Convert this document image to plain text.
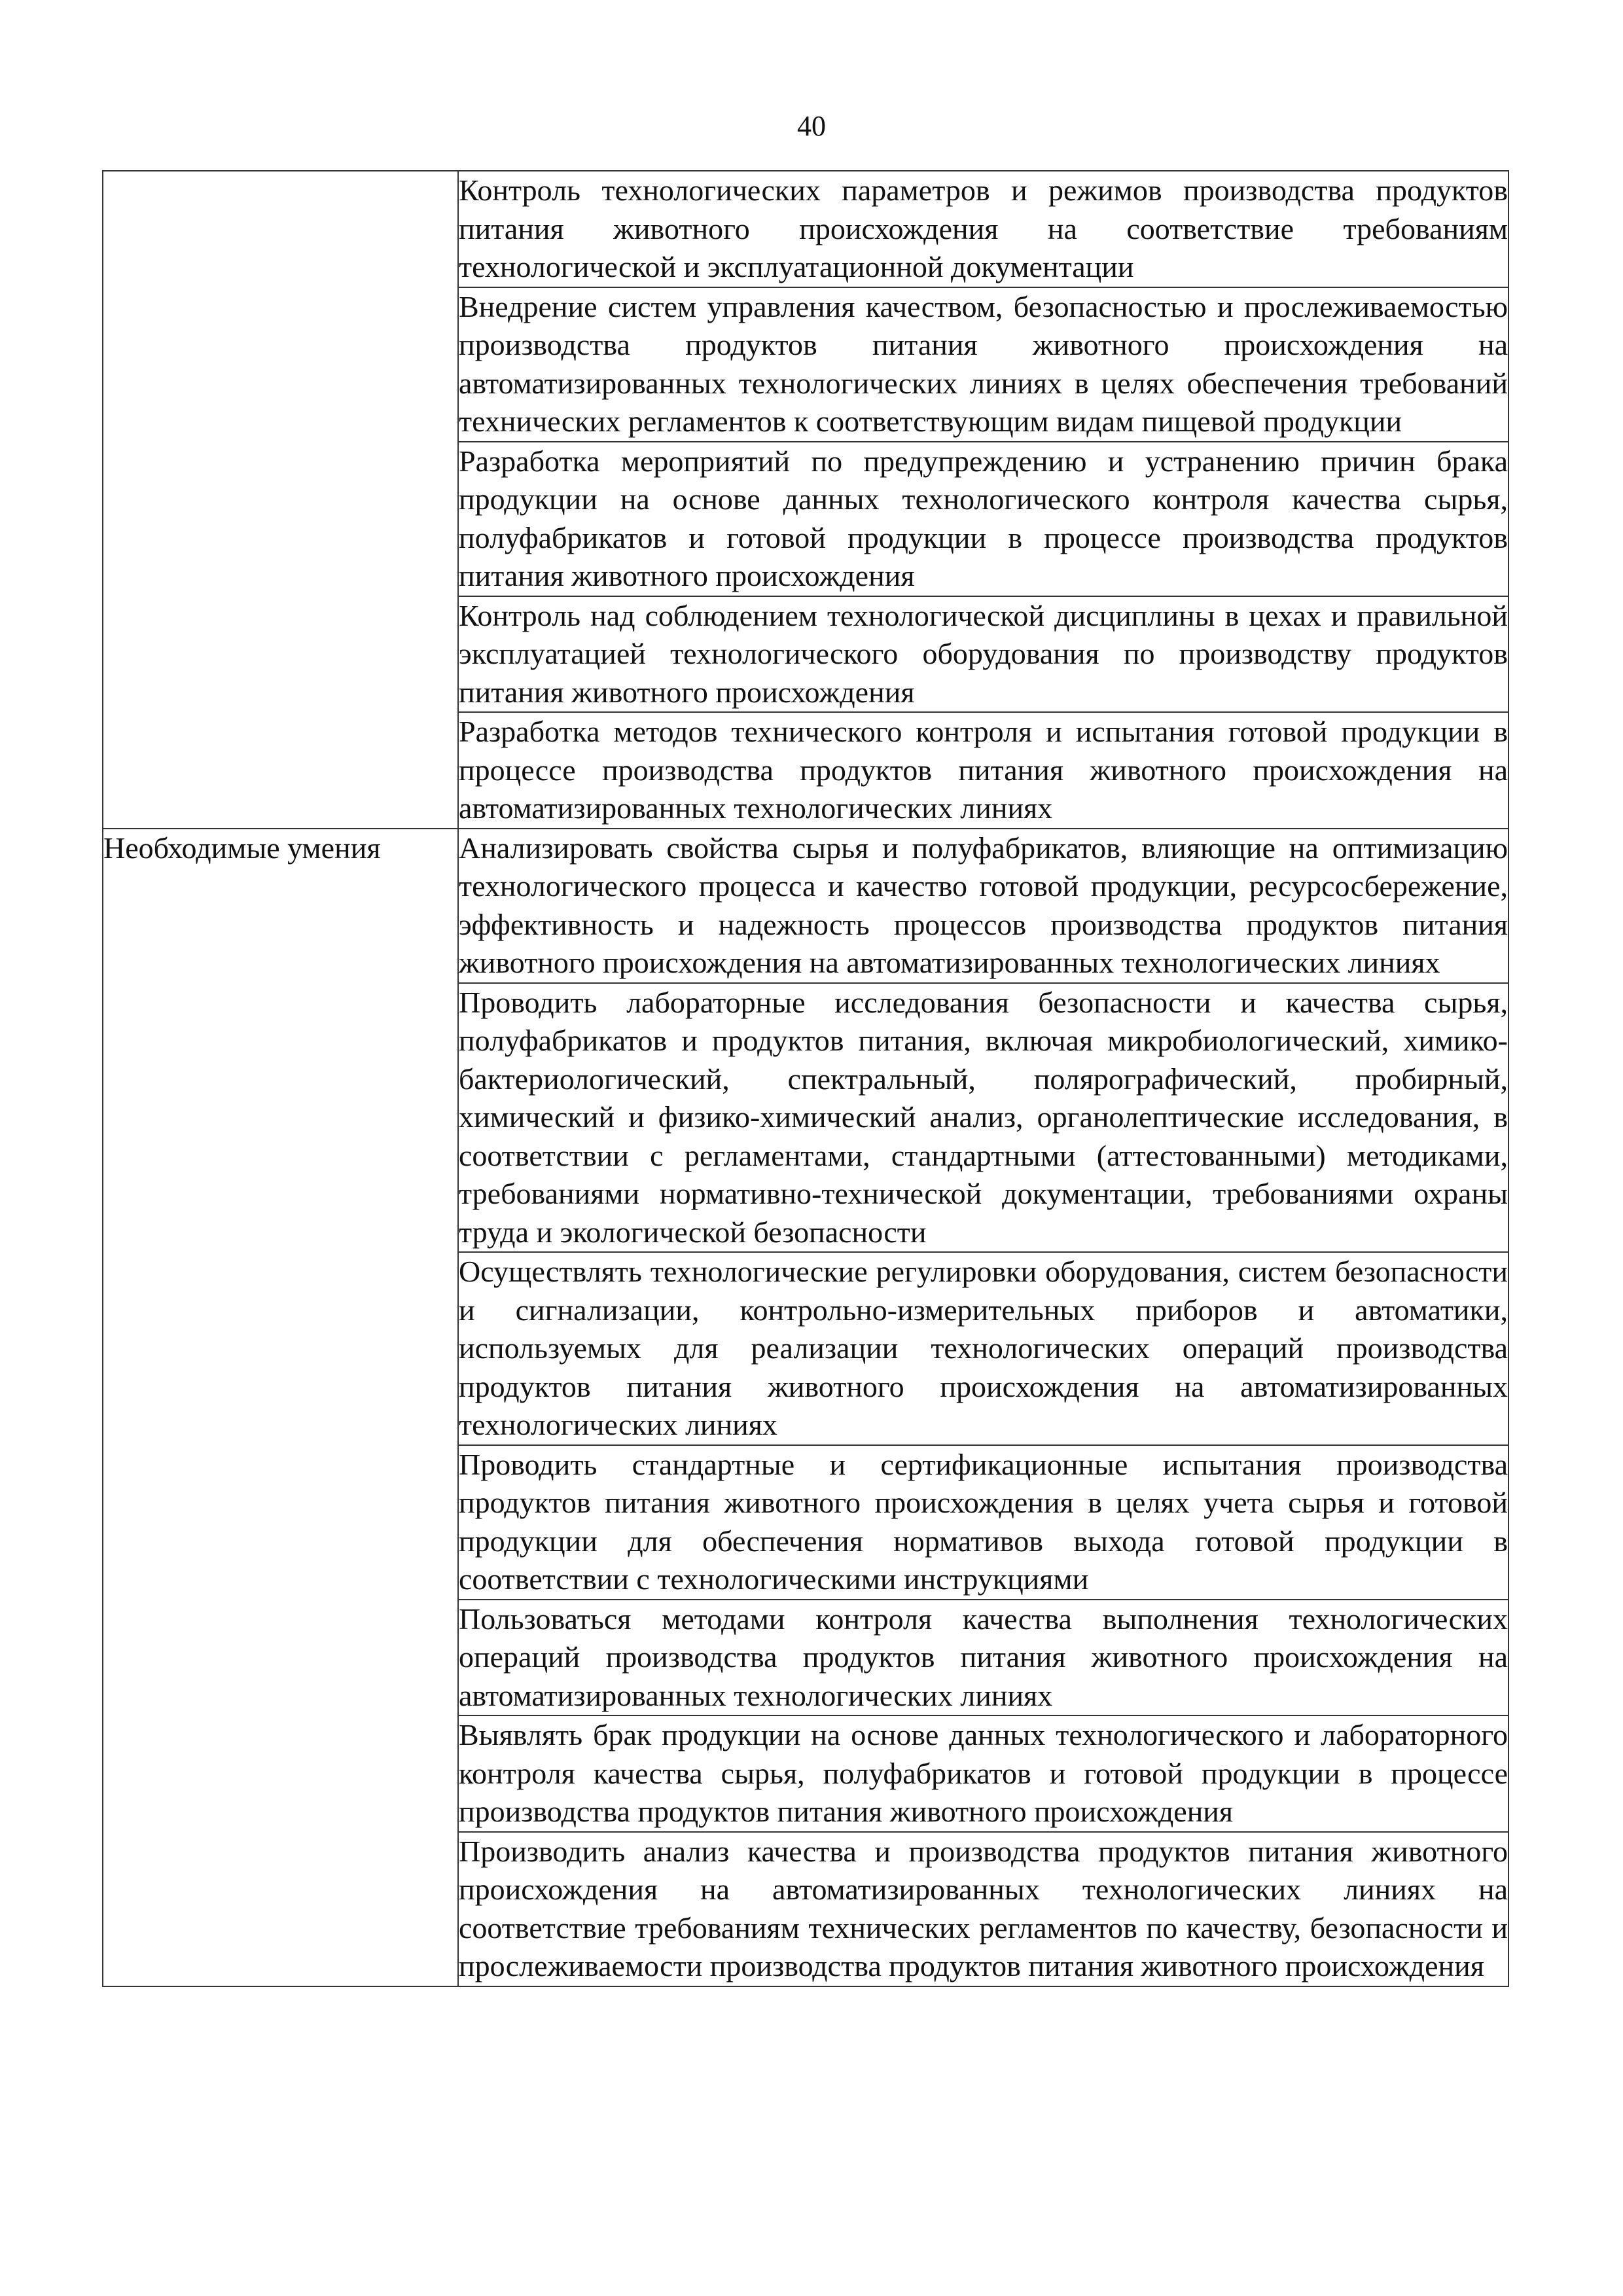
40
	Контроль технологических параметров и режимов производства продуктов питания животного происхождения на соответствие требованиям технологической и эксплуатационной документации
	Внедрение систем управления качеством, безопасностью и прослеживаемостью производства продуктов питания животного происхождения на автоматизированных технологических линиях в целях обеспечения требований технических регламентов к соответствующим видам пищевой продукции
	Разработка мероприятий по предупреждению и устранению причин брака продукции на основе данных технологического контроля качества сырья, полуфабрикатов и готовой продукции в процессе производства продуктов питания животного происхождения
	Контроль над соблюдением технологической дисциплины в цехах и правильной эксплуатацией технологического оборудования по производству продуктов питания животного происхождения
	Разработка методов технического контроля и испытания готовой продукции в процессе производства продуктов питания животного происхождения на автоматизированных технологических линиях
Необходимые умения	Анализировать свойства сырья и полуфабрикатов, влияющие на оптимизацию технологического процесса и качество готовой продукции, ресурсосбережение, эффективность и надежность процессов производства продуктов питания животного происхождения на автоматизированных технологических линиях
	Проводить лабораторные исследования безопасности и качества сырья, полуфабрикатов и продуктов питания, включая микробиологический, химико-бактериологический, спектральный, полярографический, пробирный, химический и физико-химический анализ, органолептические исследования, в соответствии с регламентами, стандартными (аттестованными) методиками, требованиями нормативно-технической документации, требованиями охраны труда и экологической безопасности
	Осуществлять технологические регулировки оборудования, систем безопасности и сигнализации, контрольно-измерительных приборов и автоматики, используемых для реализации технологических операций производства продуктов питания животного происхождения на автоматизированных технологических линиях
	Проводить стандартные и сертификационные испытания производства продуктов питания животного происхождения в целях учета сырья и готовой продукции для обеспечения нормативов выхода готовой продукции в соответствии с технологическими инструкциями
	Пользоваться методами контроля качества выполнения технологических операций производства продуктов питания животного происхождения на автоматизированных технологических линиях
	Выявлять брак продукции на основе данных технологического и лабораторного контроля качества сырья, полуфабрикатов и готовой продукции в процессе производства продуктов питания животного происхождения
	Производить анализ качества и производства продуктов питания животного происхождения на автоматизированных технологических линиях на соответствие требованиям технических регламентов по качеству, безопасности и прослеживаемости производства продуктов питания животного происхождения
